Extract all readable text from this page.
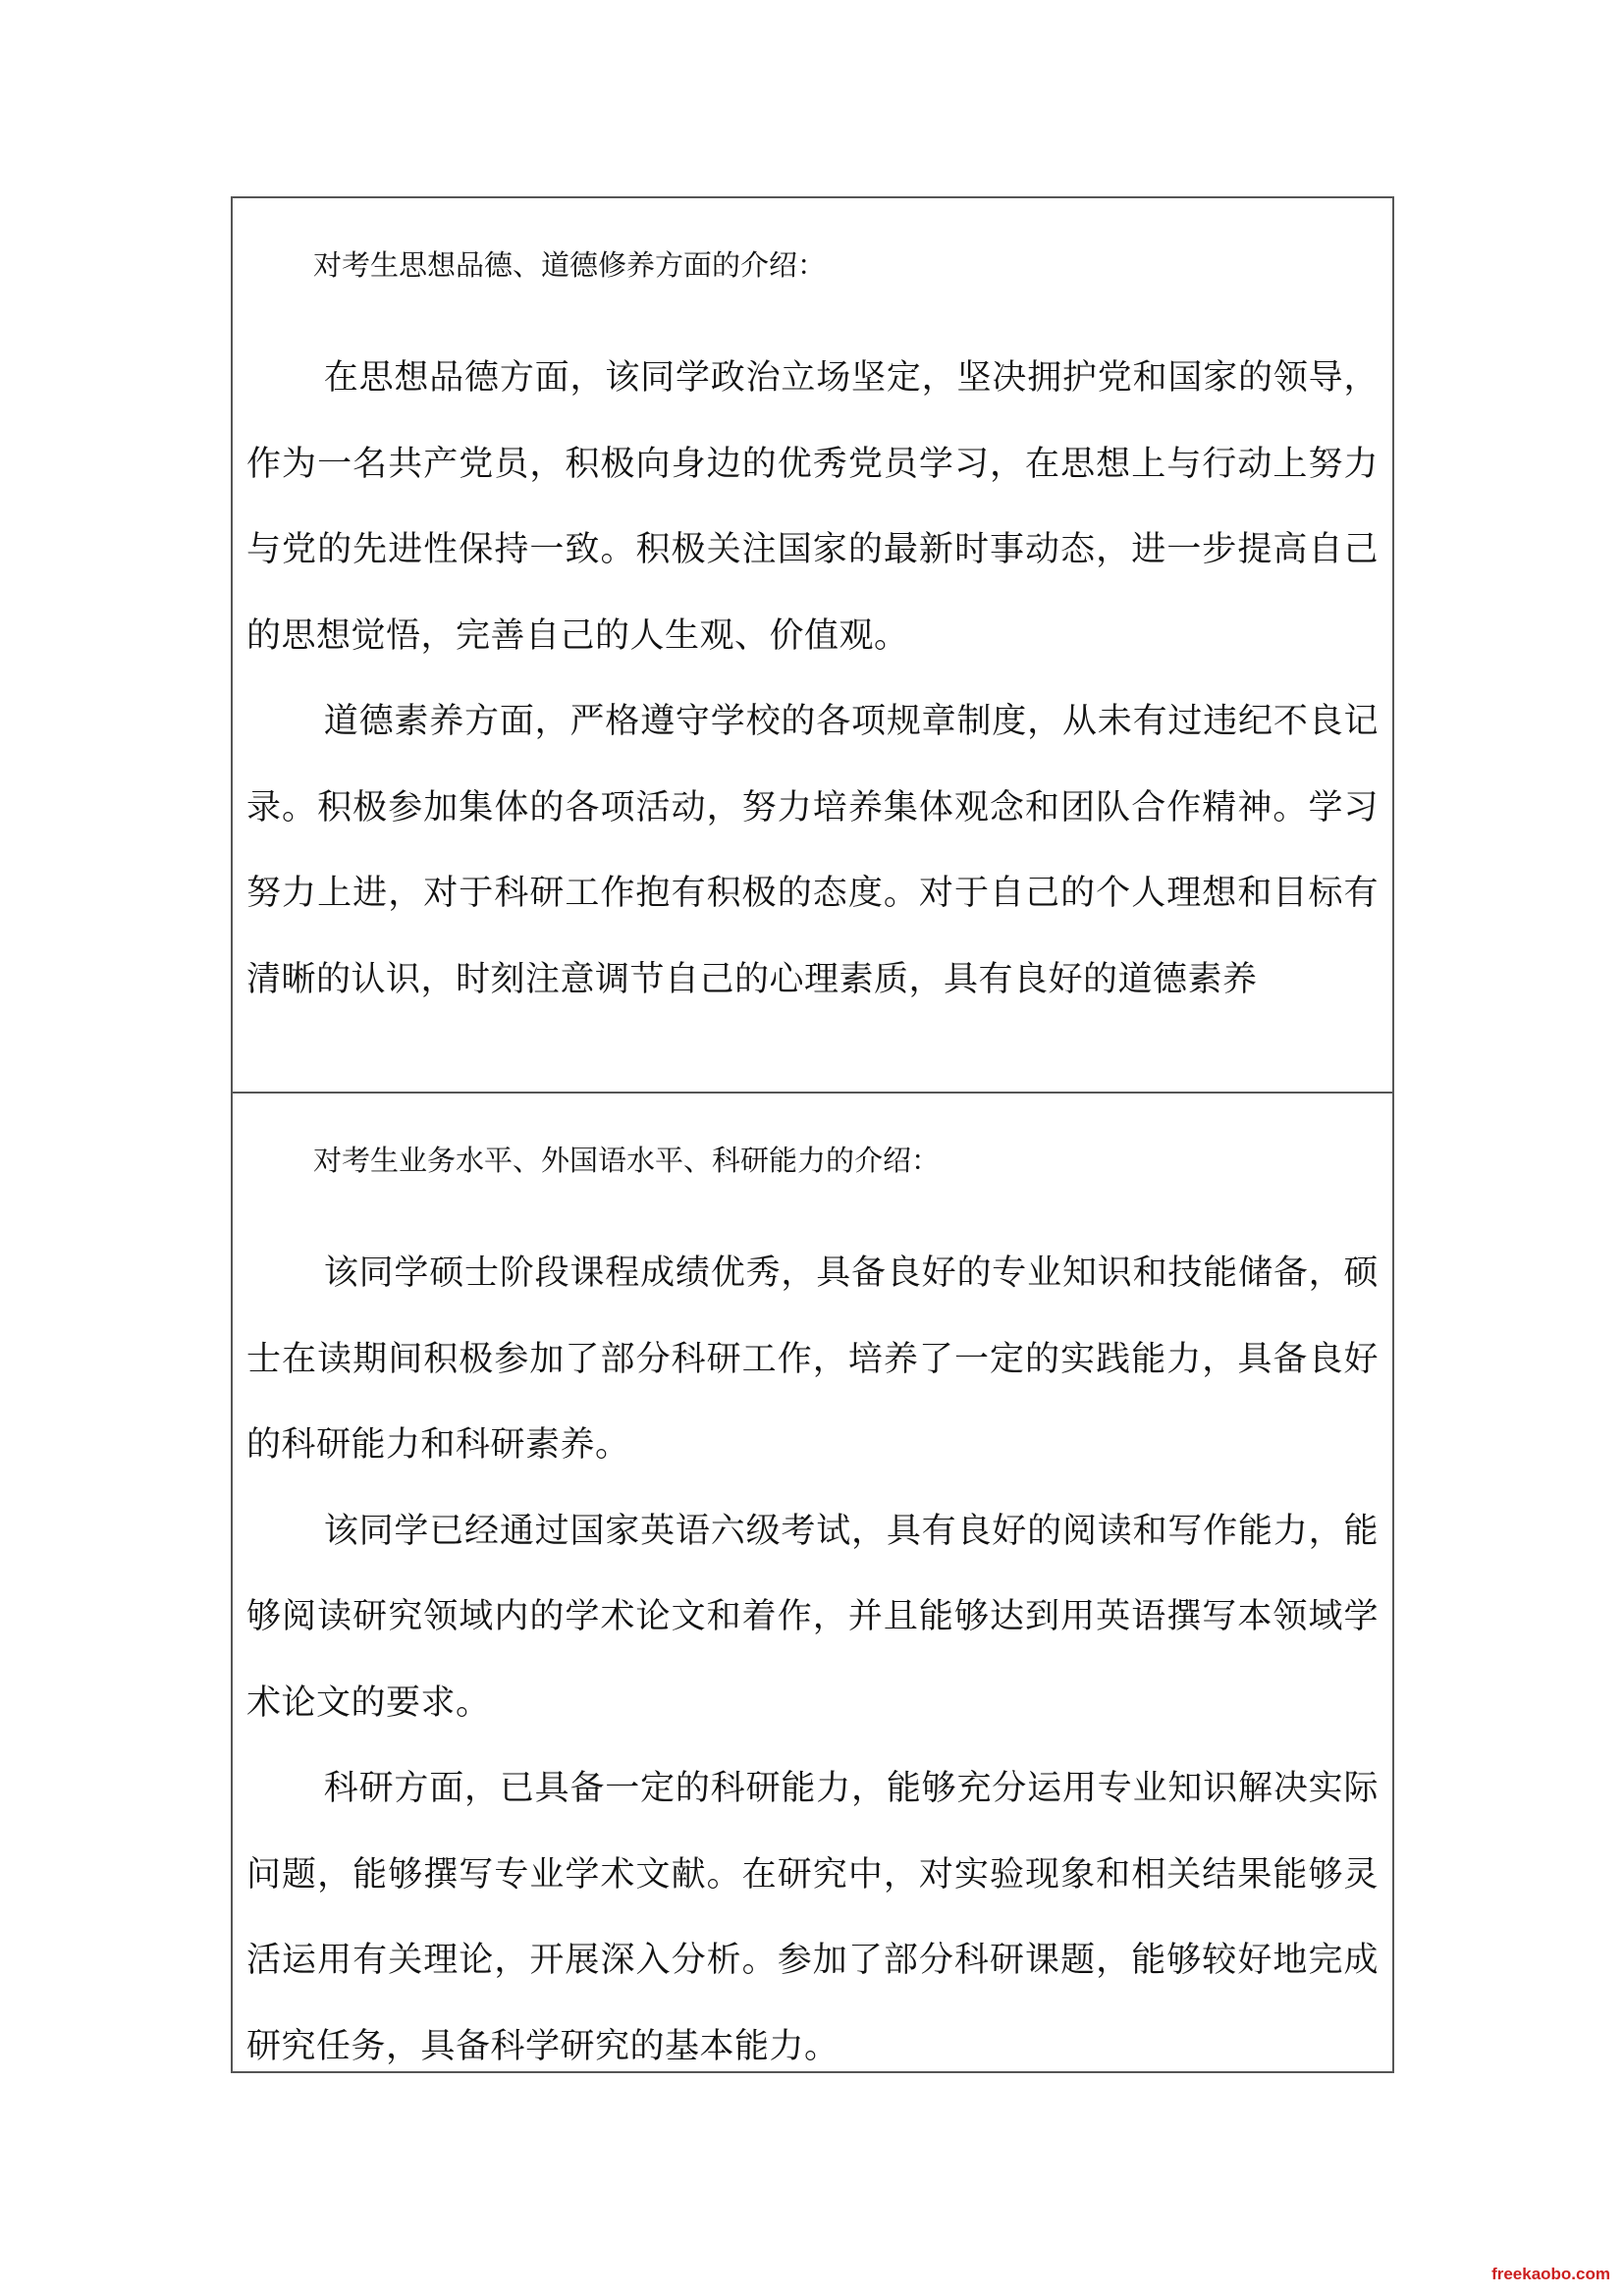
对考生思想品德、道德修养方面的介绍：

在思想品德方面，该同学政治立场坚定，坚决拥护党和国家的领导，作为一名共产党员，积极向身边的优秀党员学习，在思想上与行动上努力与党的先进性保持一致。积极关注国家的最新时事动态，进一步提高自己的思想觉悟，完善自己的人生观、价值观。

道德素养方面，严格遵守学校的各项规章制度，从未有过违纪不良记录。积极参加集体的各项活动，努力培养集体观念和团队合作精神。学习努力上进，对于科研工作抱有积极的态度。对于自己的个人理想和目标有清晰的认识，时刻注意调节自己的心理素质，具有良好的道德素养

对考生业务水平、外国语水平、科研能力的介绍：

该同学硕士阶段课程成绩优秀，具备良好的专业知识和技能储备，硕士在读期间积极参加了部分科研工作，培养了一定的实践能力，具备良好的科研能力和科研素养。

该同学已经通过国家英语六级考试，具有良好的阅读和写作能力，能够阅读研究领域内的学术论文和着作，并且能够达到用英语撰写本领域学术论文的要求。

科研方面，已具备一定的科研能力，能够充分运用专业知识解决实际问题，能够撰写专业学术文献。在研究中，对实验现象和相关结果能够灵活运用有关理论，开展深入分析。参加了部分科研课题，能够较好地完成研究任务，具备科学研究的基本能力。

freekaobo.com
